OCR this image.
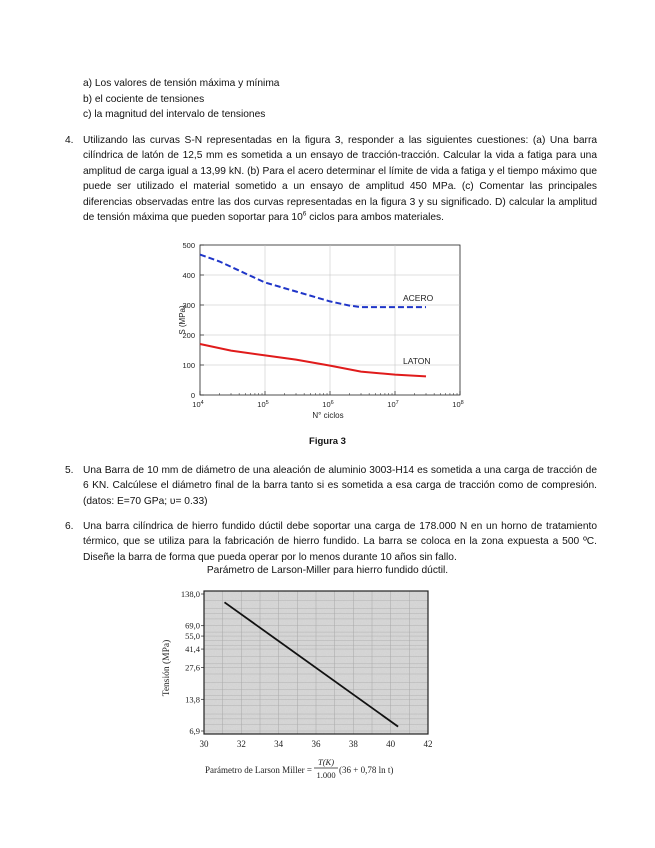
a) Los valores de tensión máxima y mínima
b) el cociente de tensiones
c) la magnitud del intervalo de tensiones
4. Utilizando las curvas S-N representadas en la figura 3, responder a las siguientes cuestiones: (a) Una barra cilíndrica de latón de 12,5 mm es sometida a un ensayo de tracción-tracción. Calcular la vida a fatiga para una amplitud de carga igual a 13,99 kN. (b) Para el acero determinar el límite de vida a fatiga y el tiempo máximo que puede ser utilizado el material sometido a un ensayo de amplitud 450 MPa. (c) Comentar las principales diferencias observadas entre las dos curvas representadas en la figura 3 y su significado. D) calcular la amplitud de tensión máxima que pueden soportar para $10^6$ ciclos para ambos materiales.
0
100
200
300
400
500
$10^4$	$10^5$	$10^6$	$10^7$	$10^8$
ACERO
LATON
N° ciclos
S (MPa)
Figura 3
5. Una Barra de 10 mm de diámetro de una aleación de aluminio 3003-H14 es sometida a una carga de tracción de 6 KN. Calcúlese el diámetro final de la barra tanto si es sometida a esa carga de tracción como de compresión. (datos: E=70 GPa; υ= 0.33)
6. Una barra cilíndrica de hierro fundido dúctil debe soportar una carga de 178.000 N en un horno de tratamiento térmico, que se utiliza para la fabricación de hierro fundido. La barra se coloca en la zona expuesta a 500 ºC. Diseñe la barra de forma que pueda operar por lo menos durante 10 años sin fallo.
Parámetro de Larson-Miller para hierro fundido dúctil.
138,0
69,0
55,0
41,4
27,6
13,8
6,9
30	32	34	36	38	40	42
Tensión (MPa)
Parámetro de Larson Miller =
T(K)
1.000 (36 + 0,78 ln t)
